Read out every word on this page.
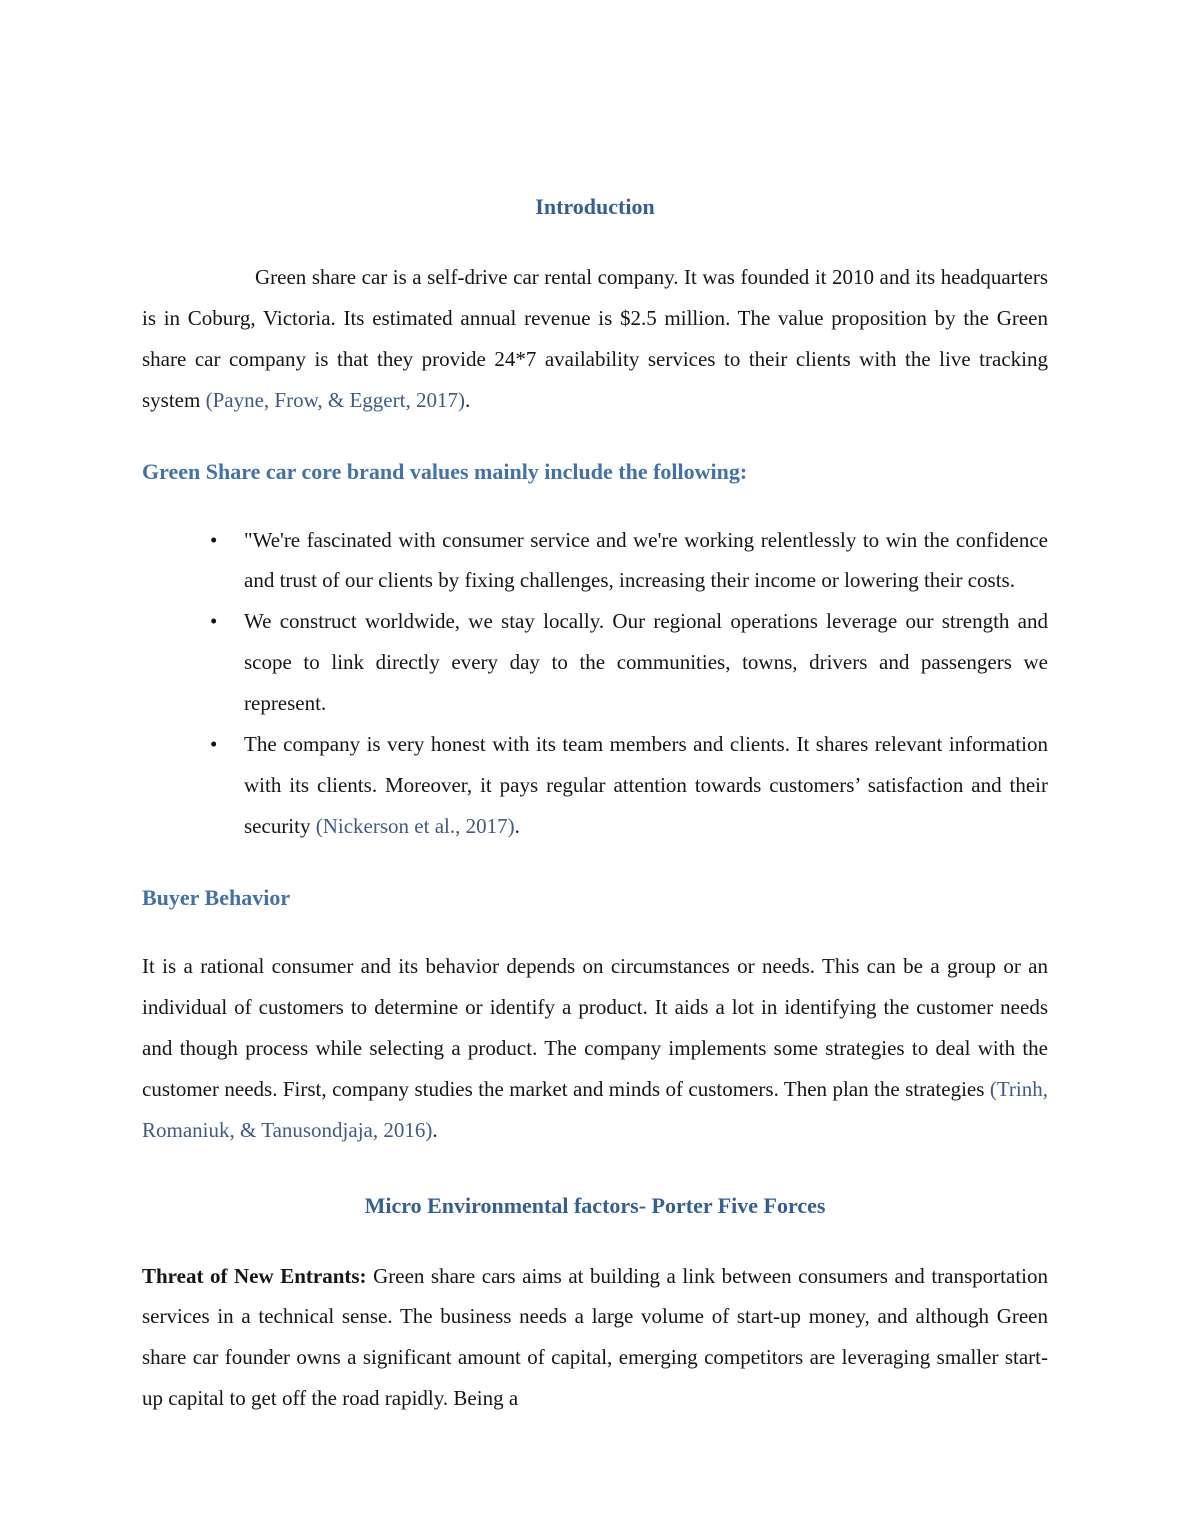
Introduction

Green share car is a self-drive car rental company. It was founded it 2010 and its headquarters is in Coburg, Victoria. Its estimated annual revenue is $2.5 million. The value proposition by the Green share car company is that they provide 24*7 availability services to their clients with the live tracking system (Payne, Frow, & Eggert, 2017).

Green Share car core brand values mainly include the following:
• "We're fascinated with consumer service and we're working relentlessly to win the confidence and trust of our clients by fixing challenges, increasing their income or lowering their costs.
• We construct worldwide, we stay locally. Our regional operations leverage our strength and scope to link directly every day to the communities, towns, drivers and passengers we represent.
• The company is very honest with its team members and clients. It shares relevant information with its clients. Moreover, it pays regular attention towards customers’ satisfaction and their security (Nickerson et al., 2017).
Buyer Behavior

It is a rational consumer and its behavior depends on circumstances or needs. This can be a group or an individual of customers to determine or identify a product. It aids a lot in identifying the customer needs and though process while selecting a product. The company implements some strategies to deal with the customer needs. First, company studies the market and minds of customers. Then plan the strategies (Trinh, Romaniuk, & Tanusondjaja, 2016).

Micro Environmental factors- Porter Five Forces

Threat of New Entrants: Green share cars aims at building a link between consumers and transportation services in a technical sense. The business needs a large volume of start-up money, and although Green share car founder owns a significant amount of capital, emerging competitors are leveraging smaller start-up capital to get off the road rapidly. Being a
